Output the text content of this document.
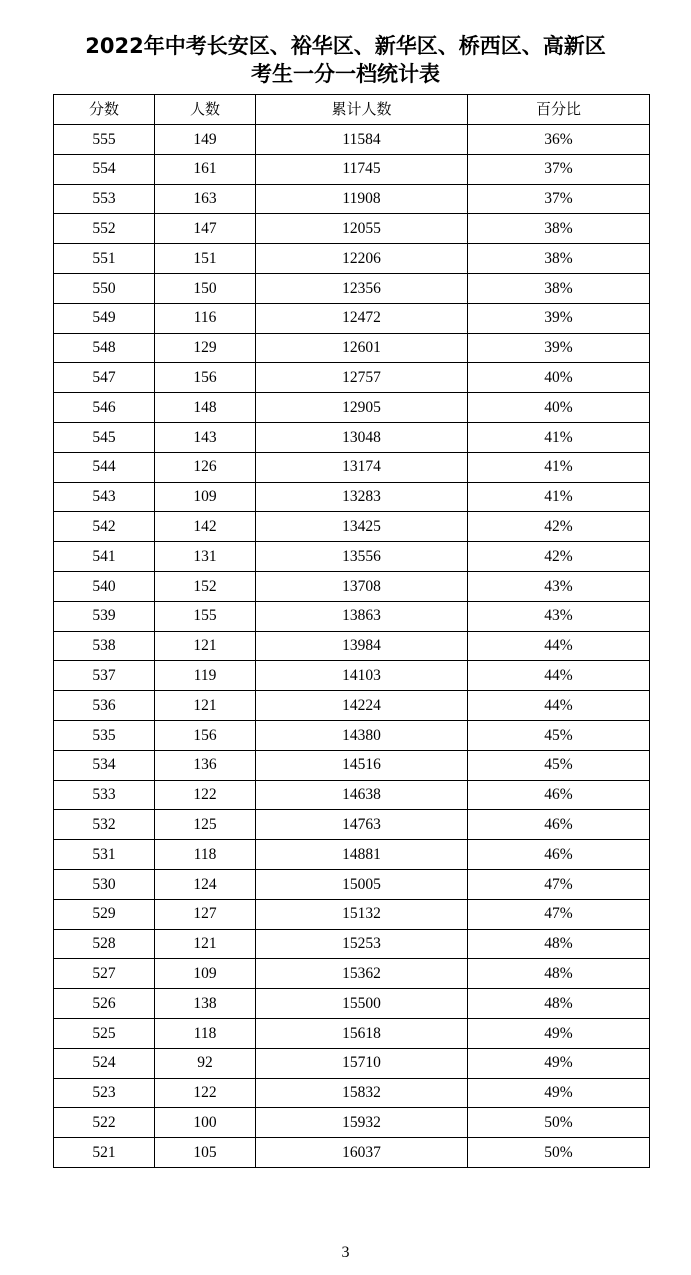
2022年中考长安区、裕华区、新华区、桥西区、高新区
考生一分一档统计表
分数	人数	累计人数	百分比
555	149	11584	36%
554	161	11745	37%
553	163	11908	37%
552	147	12055	38%
551	151	12206	38%
550	150	12356	38%
549	116	12472	39%
548	129	12601	39%
547	156	12757	40%
546	148	12905	40%
545	143	13048	41%
544	126	13174	41%
543	109	13283	41%
542	142	13425	42%
541	131	13556	42%
540	152	13708	43%
539	155	13863	43%
538	121	13984	44%
537	119	14103	44%
536	121	14224	44%
535	156	14380	45%
534	136	14516	45%
533	122	14638	46%
532	125	14763	46%
531	118	14881	46%
530	124	15005	47%
529	127	15132	47%
528	121	15253	48%
527	109	15362	48%
526	138	15500	48%
525	118	15618	49%
524	92	15710	49%
523	122	15832	49%
522	100	15932	50%
521	105	16037	50%
3
